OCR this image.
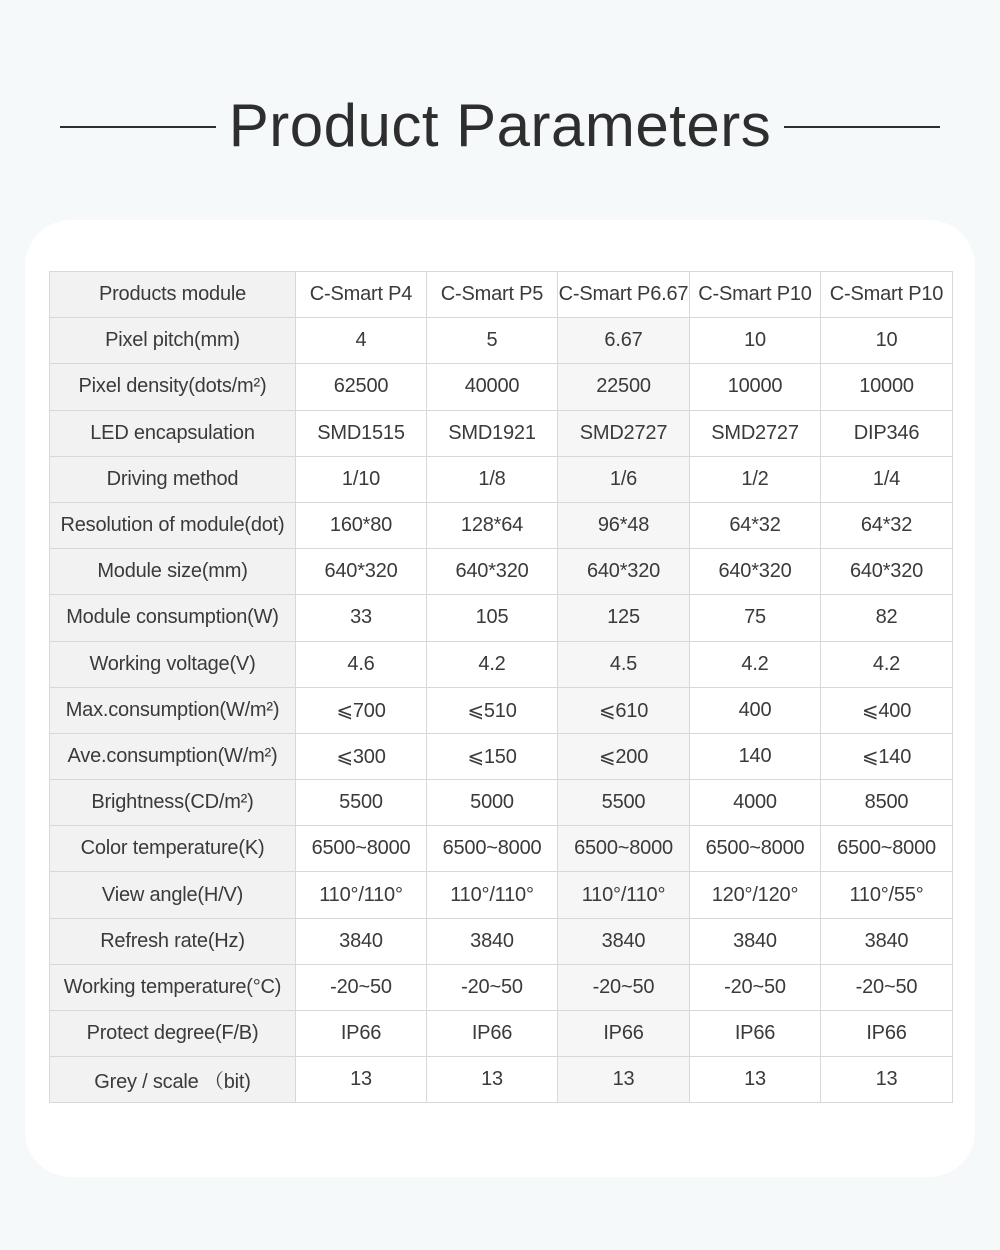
Product Parameters
Products module	C-Smart P4	C-Smart P5	C-Smart P6.67	C-Smart P10	C-Smart P10
Pixel pitch(mm)	4	5	6.67	10	10
Pixel density(dots/m²)	62500	40000	22500	10000	10000
LED encapsulation	SMD1515	SMD1921	SMD2727	SMD2727	DIP346
Driving method	1/10	1/8	1/6	1/2	1/4
Resolution of module(dot)	160*80	128*64	96*48	64*32	64*32
Module size(mm)	640*320	640*320	640*320	640*320	640*320
Module consumption(W)	33	105	125	75	82
Working voltage(V)	4.6	4.2	4.5	4.2	4.2
Max.consumption(W/m²)	⩽700	⩽510	⩽610	400	⩽400
Ave.consumption(W/m²)	⩽300	⩽150	⩽200	140	⩽140
Brightness(CD/m²)	5500	5000	5500	4000	8500
Color temperature(K)	6500~8000	6500~8000	6500~8000	6500~8000	6500~8000
View angle(H/V)	110°/110°	110°/110°	110°/110°	120°/120°	110°/55°
Refresh rate(Hz)	3840	3840	3840	3840	3840
Working temperature(°C)	-20~50	-20~50	-20~50	-20~50	-20~50
Protect degree(F/B)	IP66	IP66	IP66	IP66	IP66
Grey / scale （bit)	13	13	13	13	13
